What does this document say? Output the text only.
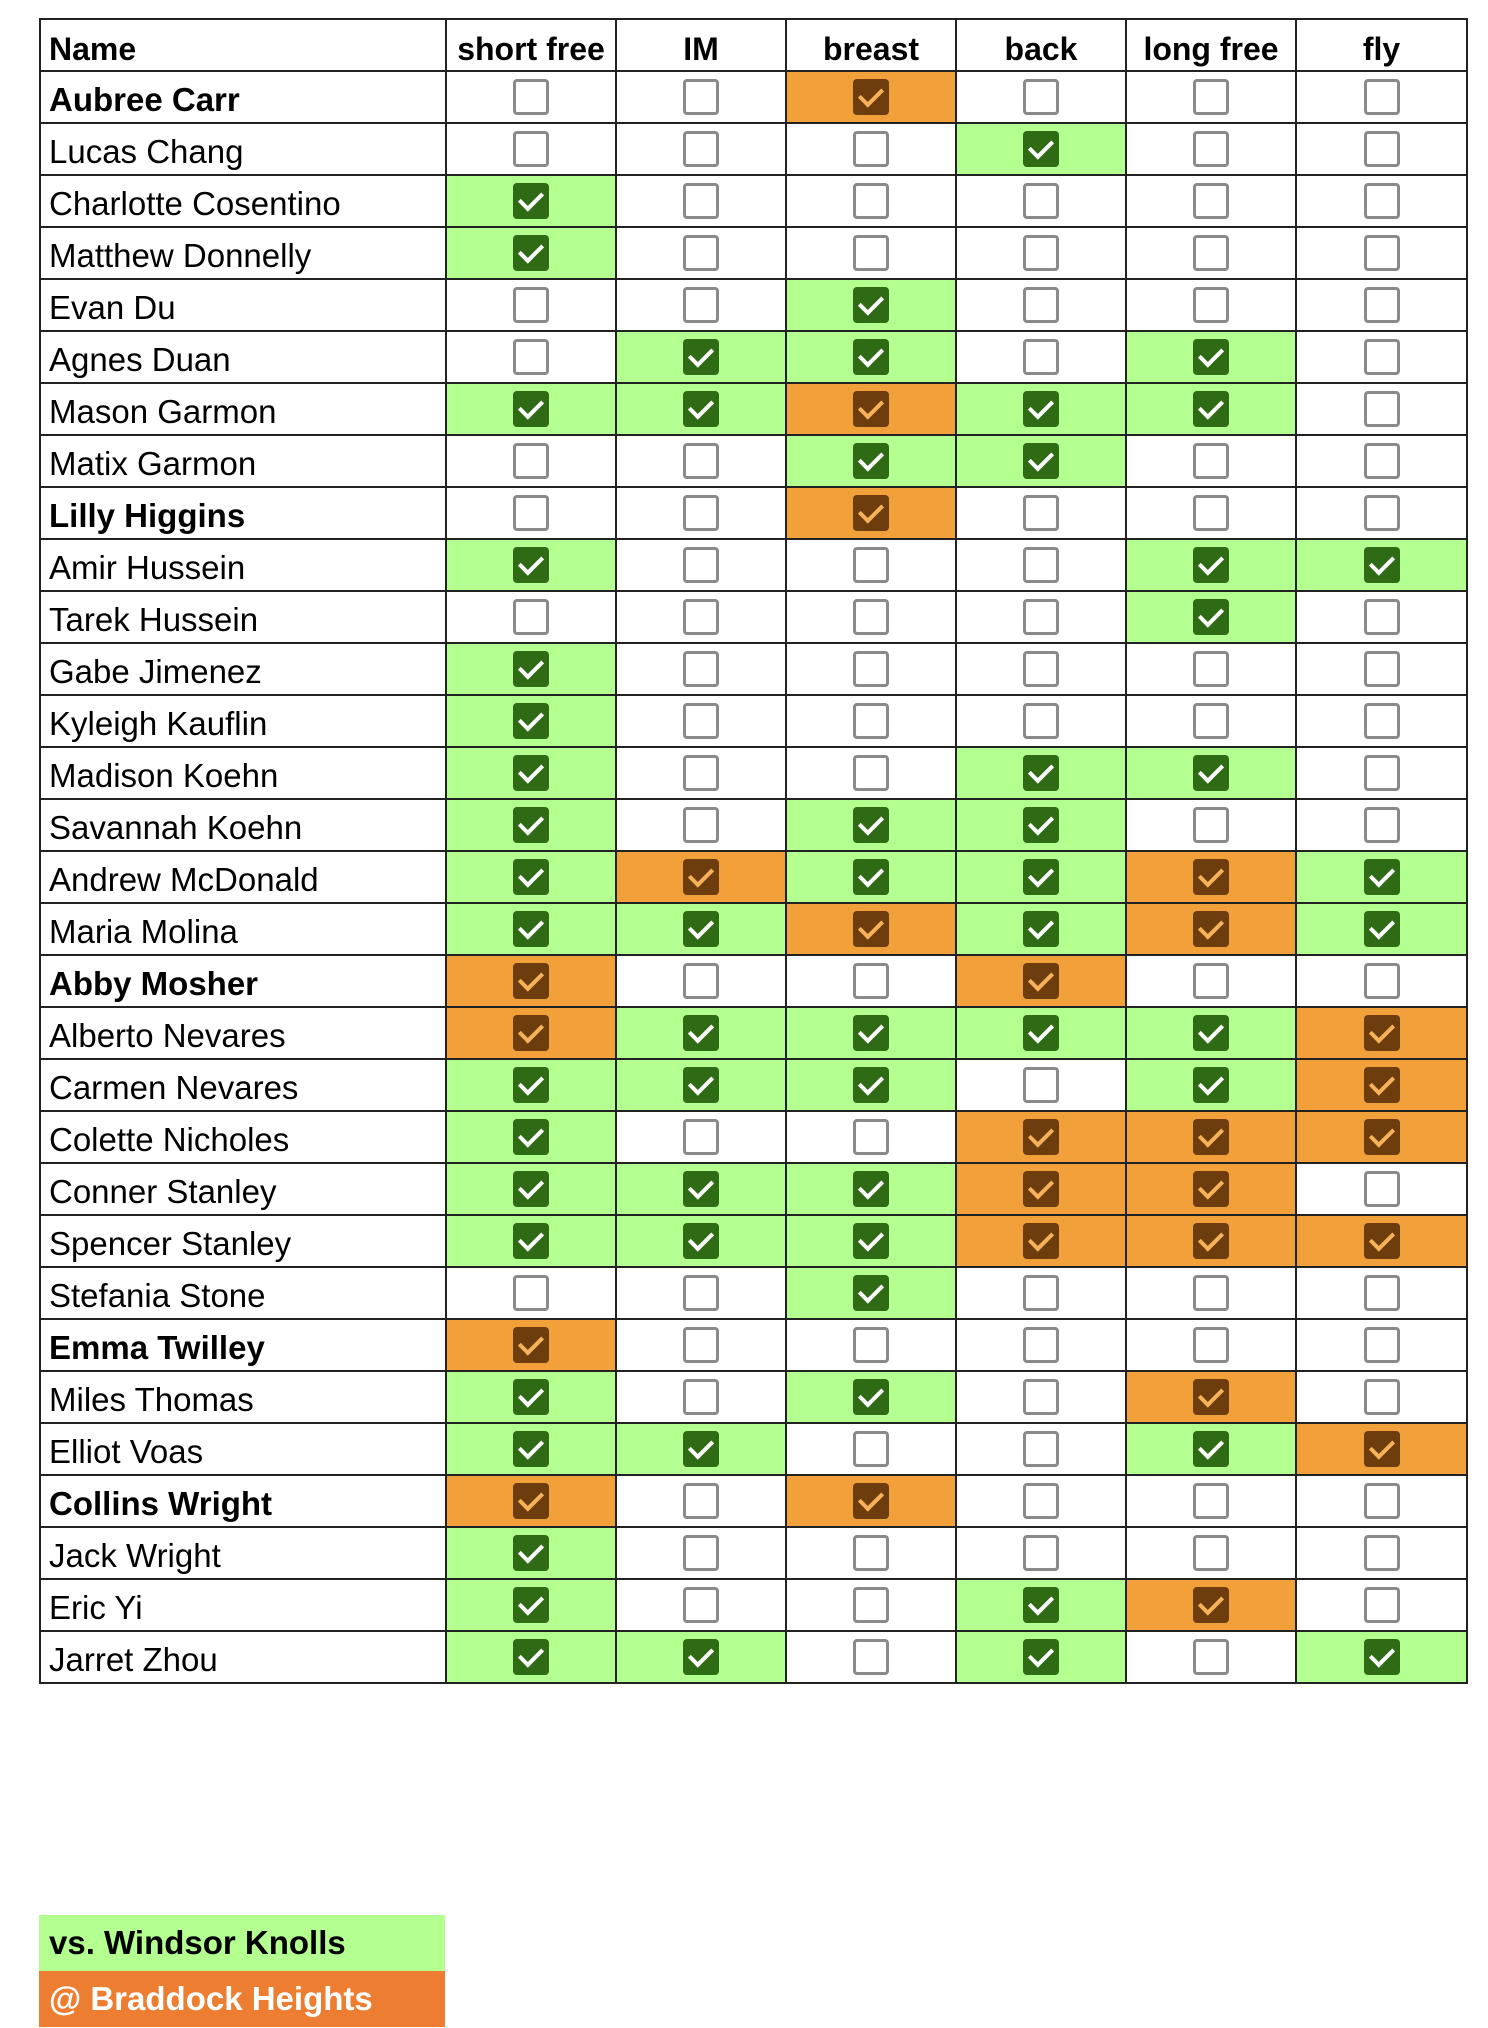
Name	short free	IM	breast	back	long free	fly
Aubree Carr						
Lucas Chang						
Charlotte Cosentino						
Matthew Donnelly						
Evan Du						
Agnes Duan						
Mason Garmon						
Matix Garmon						
Lilly Higgins						
Amir Hussein						
Tarek Hussein						
Gabe Jimenez						
Kyleigh Kauflin						
Madison Koehn						
Savannah Koehn						
Andrew McDonald						
Maria Molina						
Abby Mosher						
Alberto Nevares						
Carmen Nevares						
Colette Nicholes						
Conner Stanley						
Spencer Stanley						
Stefania Stone						
Emma Twilley						
Miles Thomas						
Elliot Voas						
Collins Wright						
Jack Wright						
Eric Yi						
Jarret Zhou						
vs. Windsor Knolls
@ Braddock Heights
